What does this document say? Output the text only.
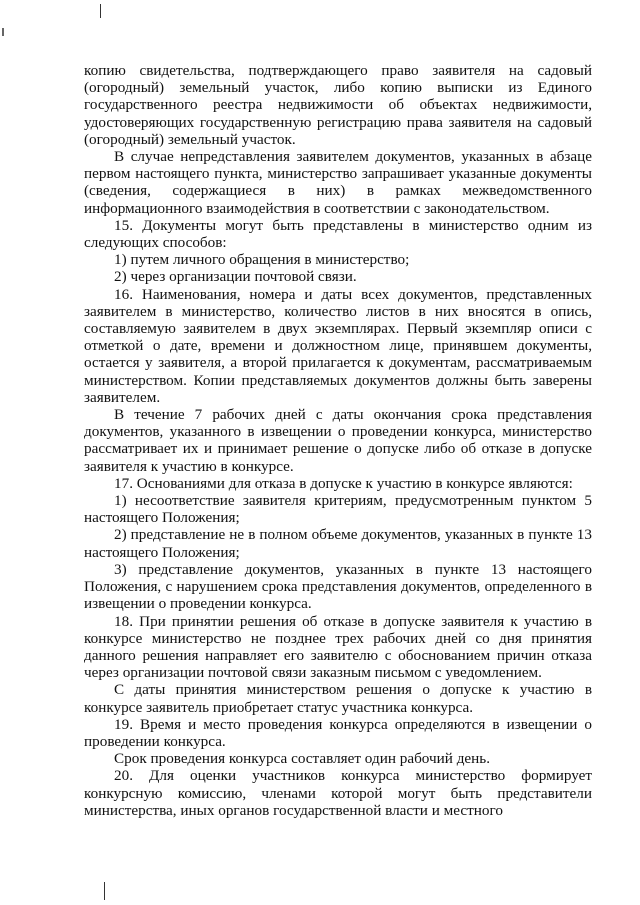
копию свидетельства, подтверждающего право заявителя на садовый (огородный) земельный участок, либо копию выписки из Единого государственного реестра недвижимости об объектах недвижимости, удостоверяющих государственную регистрацию права заявителя на садовый (огородный) земельный участок.

В случае непредставления заявителем документов, указанных в абзаце первом настоящего пункта, министерство запрашивает указанные документы (сведения, содержащиеся в них) в рамках межведомственного информационного взаимодействия в соответствии с законодательством.

15. Документы могут быть представлены в министерство одним из следующих способов:

1) путем личного обращения в министерство;

2) через организации почтовой связи.

16. Наименования, номера и даты всех документов, представленных заявителем в министерство, количество листов в них вносятся в опись, составляемую заявителем в двух экземплярах. Первый экземпляр описи с отметкой о дате, времени и должностном лице, принявшем документы, остается у заявителя, а второй прилагается к документам, рассматриваемым министерством. Копии представляемых документов должны быть заверены заявителем.

В течение 7 рабочих дней с даты окончания срока представления документов, указанного в извещении о проведении конкурса, министерство рассматривает их и принимает решение о допуске либо об отказе в допуске заявителя к участию в конкурсе.

17. Основаниями для отказа в допуске к участию в конкурсе являются:

1) несоответствие заявителя критериям, предусмотренным пунктом 5 настоящего Положения;

2) представление не в полном объеме документов, указанных в пункте 13 настоящего Положения;

3) представление документов, указанных в пункте 13 настоящего Положения, с нарушением срока представления документов, определенного в извещении о проведении конкурса.

18. При принятии решения об отказе в допуске заявителя к участию в конкурсе министерство не позднее трех рабочих дней со дня принятия данного решения направляет его заявителю с обоснованием причин отказа через организации почтовой связи заказным письмом с уведомлением.

С даты принятия министерством решения о допуске к участию в конкурсе заявитель приобретает статус участника конкурса.

19. Время и место проведения конкурса определяются в извещении о проведении конкурса.

Срок проведения конкурса составляет один рабочий день.

20. Для оценки участников конкурса министерство формирует конкурсную комиссию, членами которой могут быть представители министерства, иных органов государственной власти и местного
